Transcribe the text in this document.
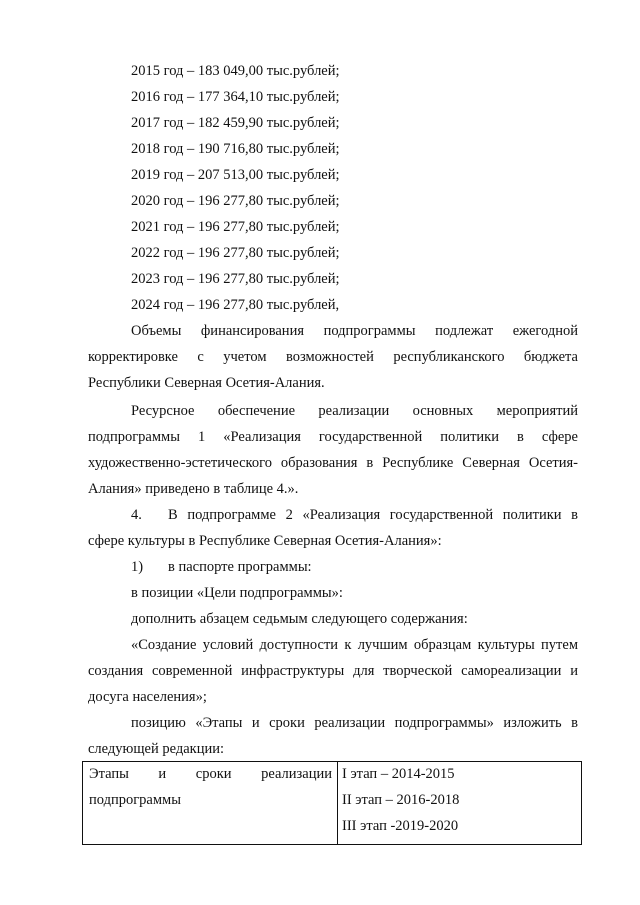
2015 год – 183 049,00 тыс.рублей;
2016 год – 177 364,10 тыс.рублей;
2017 год – 182 459,90 тыс.рублей;
2018 год – 190 716,80 тыс.рублей;
2019 год – 207 513,00 тыс.рублей;
2020 год – 196 277,80 тыс.рублей;
2021 год – 196 277,80 тыс.рублей;
2022 год – 196 277,80 тыс.рублей;
2023 год – 196 277,80 тыс.рублей;
2024 год – 196 277,80 тыс.рублей,
Объемы финансирования подпрограммы подлежат ежегодной
корректировке с учетом возможностей республиканского бюджета
Республики Северная Осетия-Алания.
Ресурсное обеспечение реализации основных мероприятий
подпрограммы 1 «Реализация государственной политики в сфере
художественно-эстетического образования в Республике Северная Осетия-
Алания» приведено в таблице 4.».
4. В подпрограмме 2 «Реализация государственной политики в
сфере культуры в Республике Северная Осетия-Алания»:
1) в паспорте программы:
в позиции «Цели подпрограммы»:
дополнить абзацем седьмым следующего содержания:
«Создание условий доступности к лучшим образцам культуры путем
создания современной инфраструктуры для творческой самореализации и
досуга населения»;
позицию «Этапы и сроки реализации подпрограммы» изложить в
следующей редакции:
Этапы и сроки реализации
подпрограммы
I этап – 2014-2015
II этап – 2016-2018
III этап -2019-2020
